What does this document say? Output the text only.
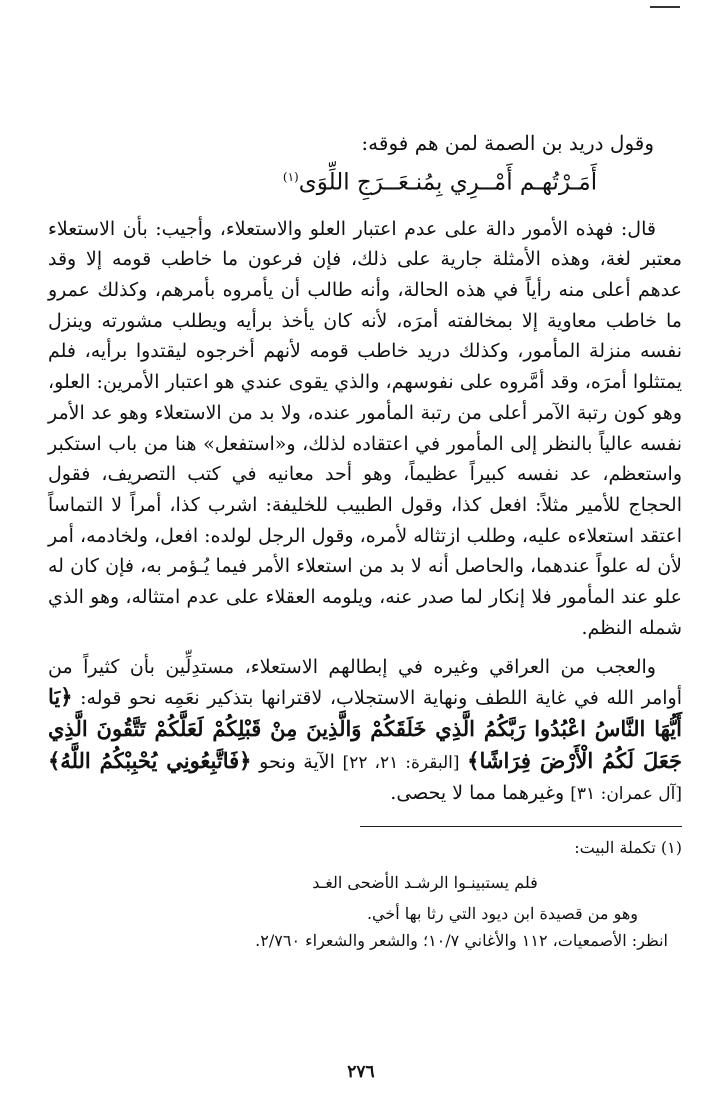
وقول دريد بن الصمة لمن هم فوقه:

أَمَـرْتُهـم أَمْــرِي بِمُنـعَــرَجِ اللِّوَى$^{(١)}$

قال: فهذه الأمور دالة على عدم اعتبار العلو والاستعلاء، وأجيب: بأن الاستعلاء معتبر لغة، وهذه الأمثلة جارية على ذلك، فإن فرعون ما خاطب قومه إلا وقد عدهم أعلى منه رأياً في هذه الحالة، وأنه طالب أن يأمروه بأمرهم، وكذلك عمرو ما خاطب معاوية إلا بمخالفته أمرَه، لأنه كان يأخذ برأيه ويطلب مشورته وينزل نفسه منزلة المأمور، وكذلك دريد خاطب قومه لأنهم أخرجوه ليقتدوا برأيه، فلم يمتثلوا أمرَه، وقد أمَّروه على نفوسهم، والذي يقوى عندي هو اعتبار الأمرين: العلو، وهو كون رتبة الآمر أعلى من رتبة المأمور عنده، ولا بد من الاستعلاء وهو عد الأمر نفسه عالياً بالنظر إلى المأمور في اعتقاده لذلك، و«استفعل» هنا من باب استكبر واستعظم، عد نفسه كبيراً عظيماً، وهو أحد معانيه في كتب التصريف، فقول الحجاج للأمير مثلاً: افعل كذا، وقول الطبيب للخليفة: اشرب كذا، أمراً لا التماساً اعتقد استعلاءه عليه، وطلب ازتثاله لأمره، وقول الرجل لولده: افعل، ولخادمه، أمر لأن له علواً عندهما، والحاصل أنه لا بد من استعلاء الأمر فيما يُـؤمر به، فإن كان له علو عند المأمور فلا إنكار لما صدر عنه، ويلومه العقلاء على عدم امتثاله، وهو الذي شمله النظم.

والعجب من العراقي وغيره في إبطالهم الاستعلاء، مستدِلِّين بأن كثيراً من أوامر الله في غاية اللطف ونهاية الاستجلاب، لاقترانها بتذكير نعَمِه نحو قوله: ﴿يَا أَيُّهَا النَّاسُ اعْبُدُوا رَبَّكُمُ الَّذِي خَلَقَكُمْ وَالَّذِينَ مِنْ قَبْلِكُمْ لَعَلَّكُمْ تَتَّقُونَ الَّذِي جَعَلَ لَكُمُ الْأَرْضَ فِرَاشًا﴾ [البقرة: ٢١، ٢٢] الآية ونحو ﴿فَاتَّبِعُونِي يُحْبِبْكُمُ اللَّهُ﴾ [آل عمران: ٣١] وغيرهما مما لا يحصى.

(١) تكملة البيت:

فلم يستبينـوا الرشـد الأضحى الغـد

وهو من قصيدة ابن ديود التي رثا بها أخي.

انظر: الأصمعيات، ١١٢ والأغاني ١٠/٧؛ والشعر والشعراء ٢/٧٦٠.

٢٧٦
